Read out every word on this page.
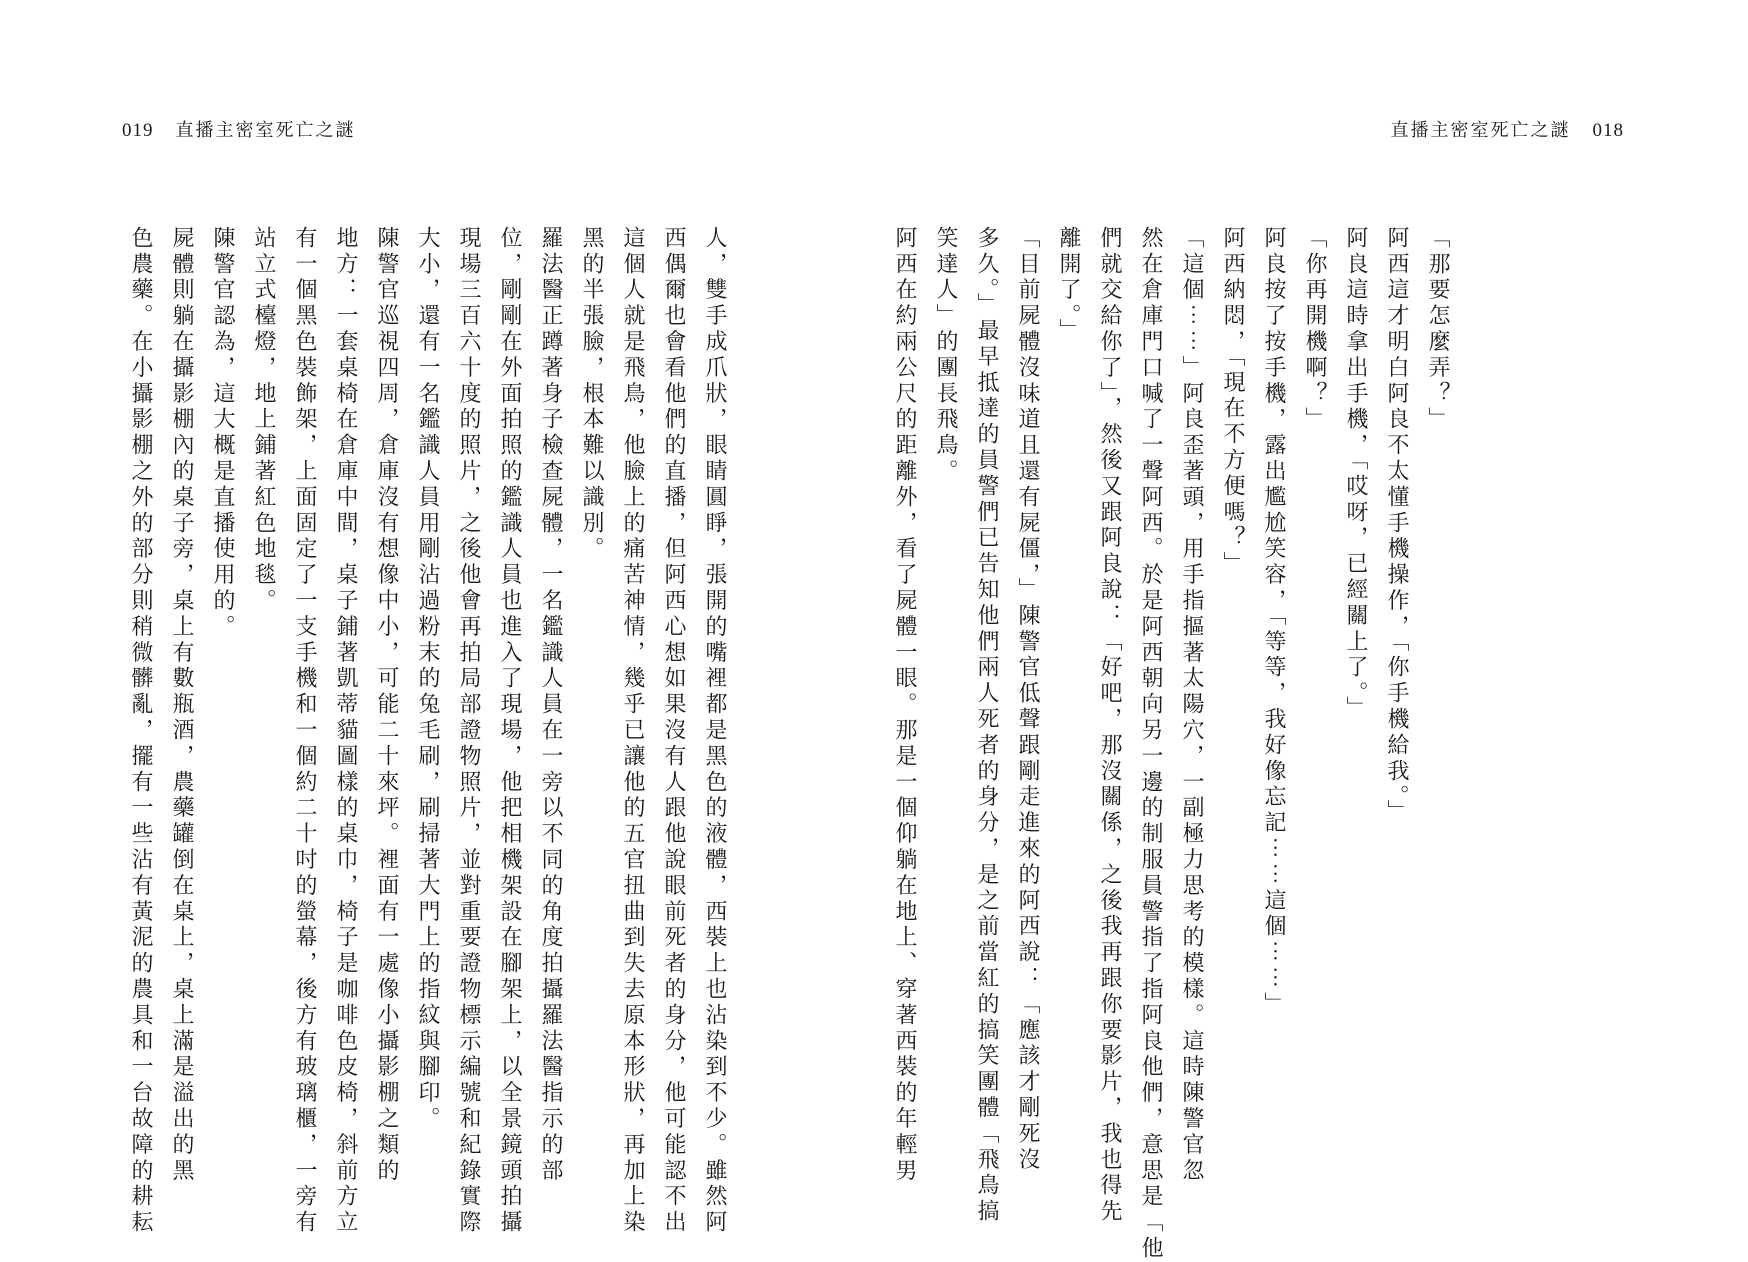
019 直播主密室死亡之謎	直播主密室死亡之謎 018

「那要怎麼弄？」

阿西這才明白阿良不太懂手機操作，「你手機給我。」

阿良這時拿出手機，「哎呀，已經關上了。」

「你再開機啊？」

阿良按了按手機，露出尷尬笑容，「等等，我好像忘記……這個……」

阿西納悶，「現在不方便嗎？」

「這個……」阿良歪著頭，用手指摳著太陽穴，一副極力思考的模樣。這時陳警官忽

然在倉庫門口喊了一聲阿西。於是阿西朝向另一邊的制服員警指了指阿良他們，意思是「他

們就交給你了」，然後又跟阿良說：「好吧，那沒關係，之後我再跟你要影片，我也得先

離開了。」

「目前屍體沒味道且還有屍僵，」陳警官低聲跟剛走進來的阿西說：「應該才剛死沒

多久。」最早抵達的員警們已告知他們兩人死者的身分，是之前當紅的搞笑團體「飛鳥搞

笑達人」的團長飛鳥。

阿西在約兩公尺的距離外，看了屍體一眼。那是一個仰躺在地上、穿著西裝的年輕男

人，雙手成爪狀，眼睛圓睜，張開的嘴裡都是黑色的液體，西裝上也沾染到不少。雖然阿

西偶爾也會看他們的直播，但阿西心想如果沒有人跟他說眼前死者的身分，他可能認不出

這個人就是飛鳥，他臉上的痛苦神情，幾乎已讓他的五官扭曲到失去原本形狀，再加上染

黑的半張臉，根本難以識別。

羅法醫正蹲著身子檢查屍體，一名鑑識人員在一旁以不同的角度拍攝羅法醫指示的部

位，剛剛在外面拍照的鑑識人員也進入了現場，他把相機架設在腳架上，以全景鏡頭拍攝

現場三百六十度的照片，之後他會再拍局部證物照片，並對重要證物標示編號和紀錄實際

大小，還有一名鑑識人員用剛沾過粉末的兔毛刷，刷掃著大門上的指紋與腳印。

陳警官巡視四周，倉庫沒有想像中小，可能二十來坪。裡面有一處像小攝影棚之類的

地方：一套桌椅在倉庫中間，桌子鋪著凱蒂貓圖樣的桌巾，椅子是咖啡色皮椅，斜前方立

有一個黑色裝飾架，上面固定了一支手機和一個約二十吋的螢幕，後方有玻璃櫃，一旁有

站立式檯燈，地上鋪著紅色地毯。

陳警官認為，這大概是直播使用的。

屍體則躺在攝影棚內的桌子旁，桌上有數瓶酒，農藥罐倒在桌上，桌上滿是溢出的黑

色農藥。在小攝影棚之外的部分則稍微髒亂，擺有一些沾有黃泥的農具和一台故障的耕耘
